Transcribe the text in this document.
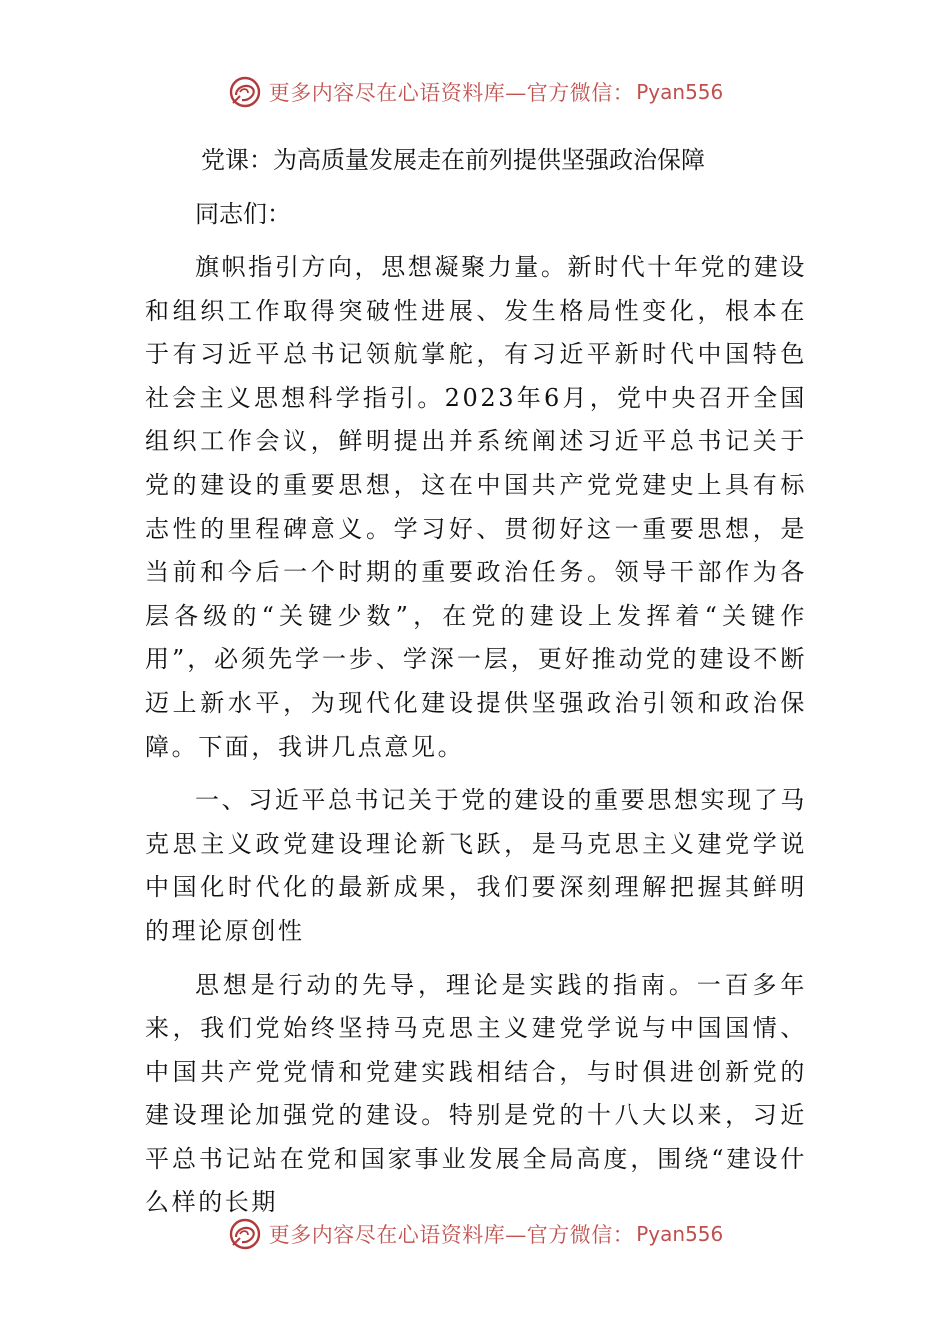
更多内容尽在心语资料库—官方微信： Pyan556
党课：为高质量发展走在前列提供坚强政治保障

同志们：

旗帜指引方向，思想凝聚力量。新时代十年党的建设和组织工作取得突破性进展、发生格局性变化，根本在于有习近平总书记领航掌舵，有习近平新时代中国特色社会主义思想科学指引。2023年6月，党中央召开全国组织工作会议，鲜明提出并系统阐述习近平总书记关于党的建设的重要思想，这在中国共产党党建史上具有标志性的里程碑意义。学习好、贯彻好这一重要思想，是当前和今后一个时期的重要政治任务。领导干部作为各层各级的“关键少数”，在党的建设上发挥着“关键作用”，必须先学一步、学深一层，更好推动党的建设不断迈上新水平，为现代化建设提供坚强政治引领和政治保障。下面，我讲几点意见。

一、习近平总书记关于党的建设的重要思想实现了马克思主义政党建设理论新飞跃，是马克思主义建党学说中国化时代化的最新成果，我们要深刻理解把握其鲜明的理论原创性

思想是行动的先导，理论是实践的指南。一百多年来，我们党始终坚持马克思主义建党学说与中国国情、中国共产党党情和党建实践相结合，与时俱进创新党的建设理论加强党的建设。特别是党的十八大以来，习近平总书记站在党和国家事业发展全局高度，围绕“建设什么样的长期

更多内容尽在心语资料库—官方微信： Pyan556
